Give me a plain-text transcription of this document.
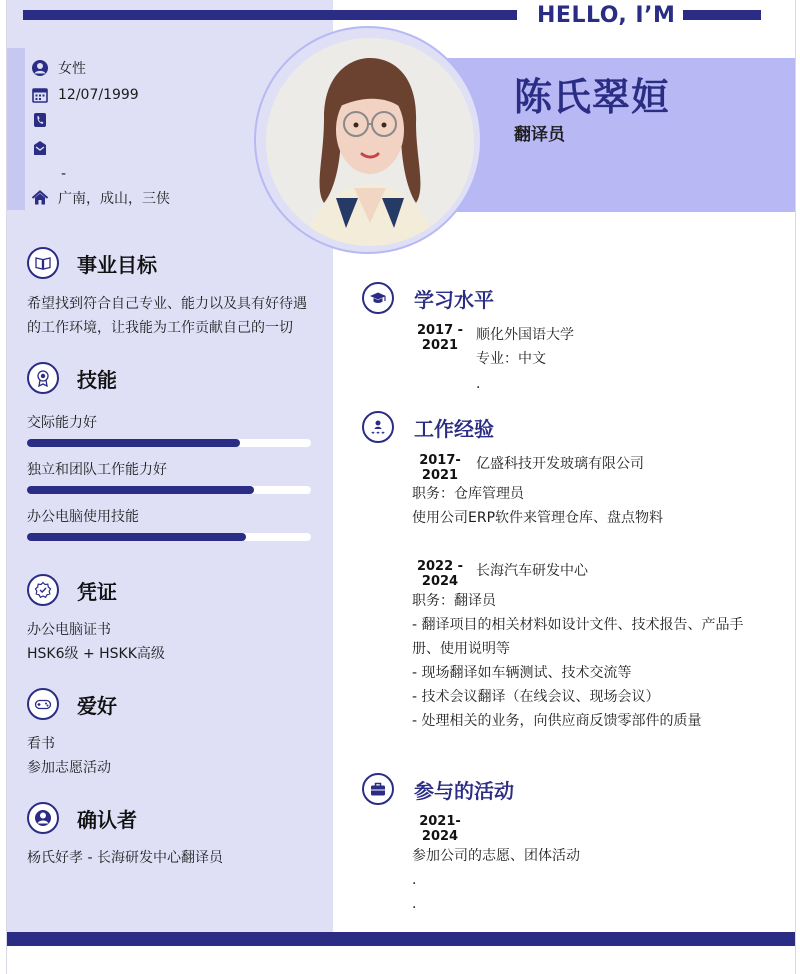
HELLO, I’M
陈氏翠姮
翻译员
女性
12/07/1999
-
广南，成山，三侠
事业目标
希望找到符合自己专业、能力以及具有好待遇
的工作环境，让我能为工作贡献自己的一切
技能
交际能力好
独立和团队工作能力好
办公电脑使用技能
凭证
办公电脑证书
HSK6级 + HSKK高级
爱好
看书
参加志愿活动
确认者
杨氏好孝 - 长海研发中心翻译员
学习水平
2017 -
2021
顺化外国语大学
专业：中文
.
工作经验
2017-
2021
亿盛科技开发玻璃有限公司
职务：仓库管理员
使用公司ERP软件来管理仓库、盘点物料
2022 -
2024
长海汽车研发中心
职务：翻译员
- 翻译项目的相关材料如设计文件、技术报告、产品手
册、使用说明等
- 现场翻译如车辆测试、技术交流等
- 技术会议翻译（在线会议、现场会议）
- 处理相关的业务，向供应商反馈零部件的质量
参与的活动
2021-
2024
参加公司的志愿、团体活动
.
.
